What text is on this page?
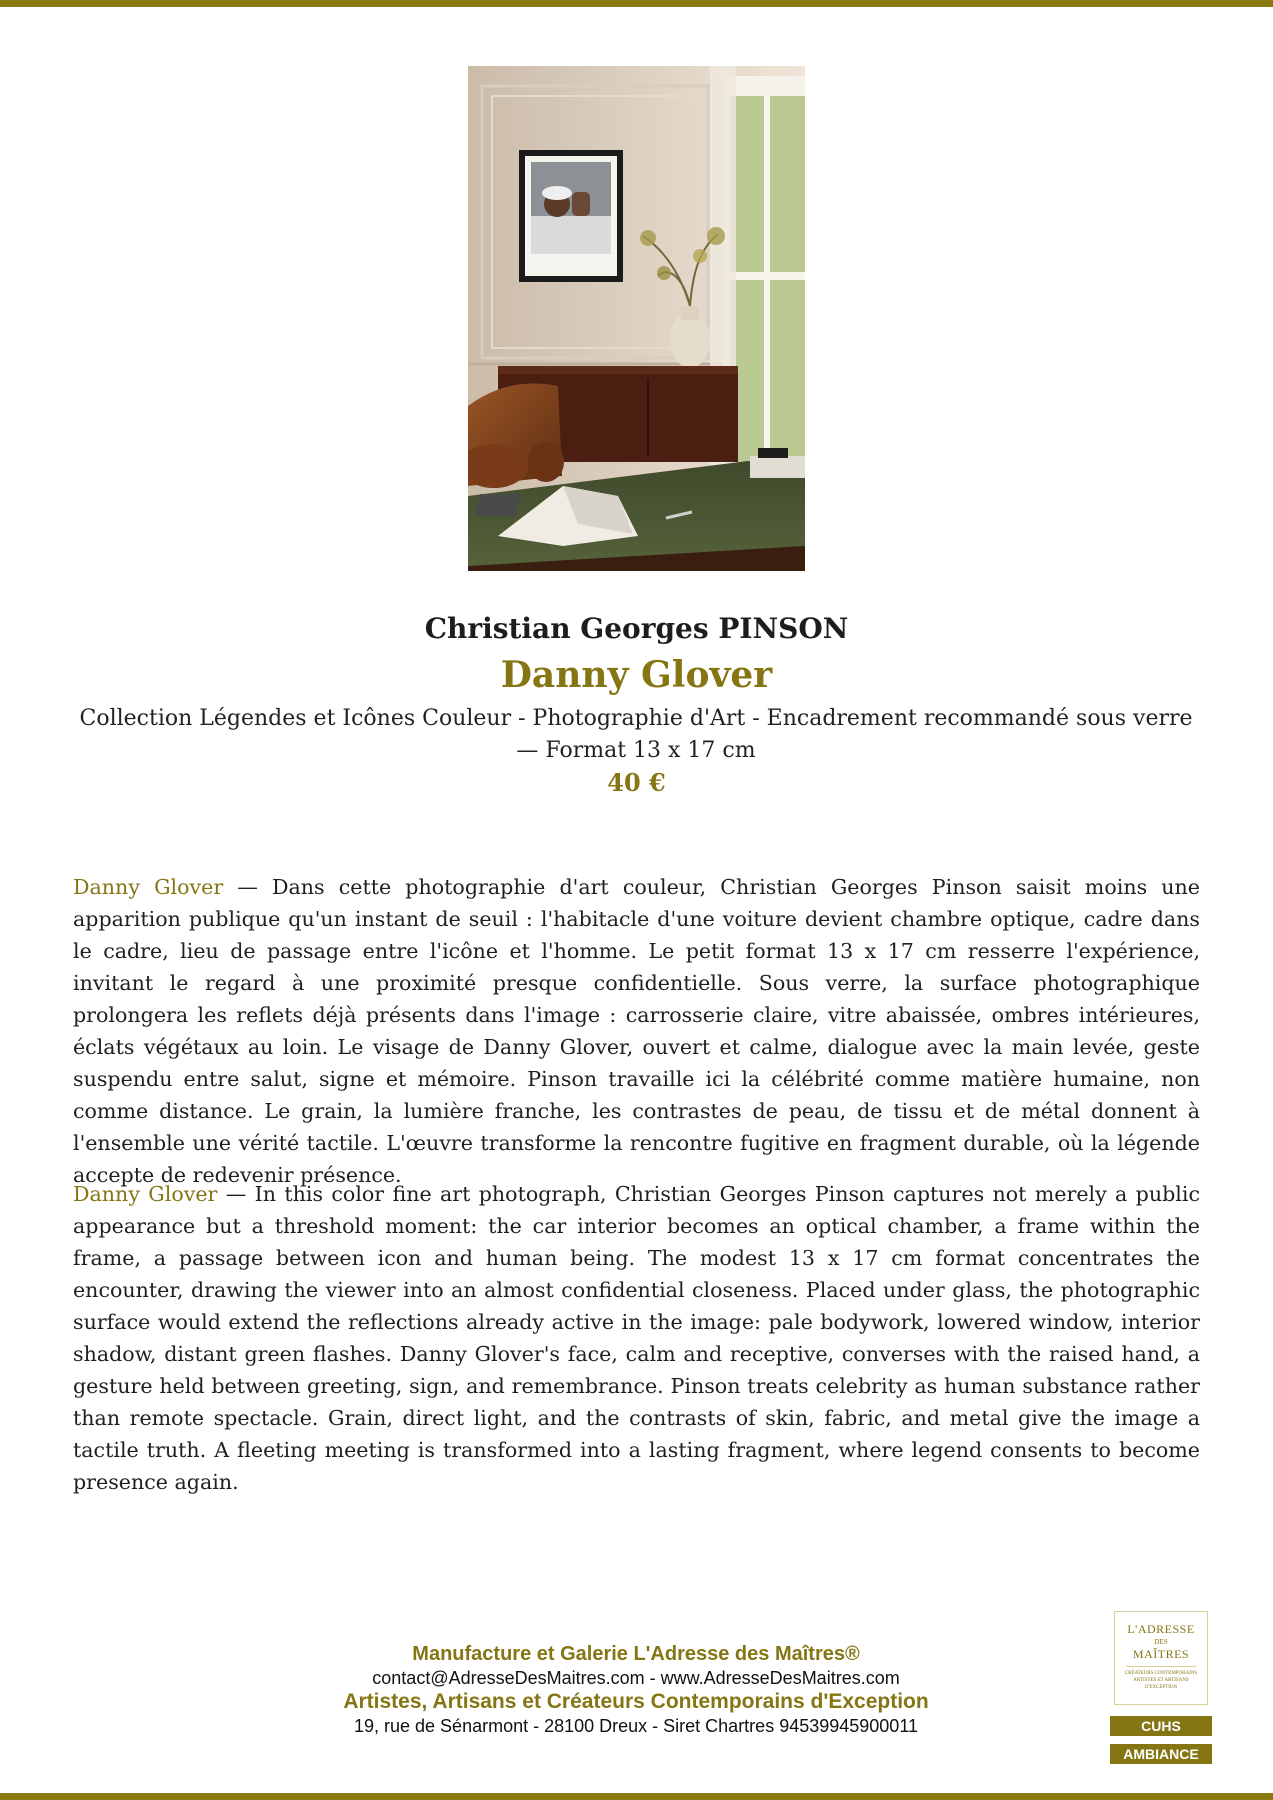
Christian Georges PINSON
Danny Glover
Collection Légendes et Icônes Couleur - Photographie d'Art - Encadrement recommandé sous verre — Format 13 x 17 cm
40 €

Danny Glover — Dans cette photographie d'art couleur, Christian Georges Pinson saisit moins une apparition publique qu'un instant de seuil : l'habitacle d'une voiture devient chambre optique, cadre dans le cadre, lieu de passage entre l'icône et l'homme. Le petit format 13 x 17 cm resserre l'expérience, invitant le regard à une proximité presque confidentielle. Sous verre, la surface photographique prolongera les reflets déjà présents dans l'image : carrosserie claire, vitre abaissée, ombres intérieures, éclats végétaux au loin. Le visage de Danny Glover, ouvert et calme, dialogue avec la main levée, geste suspendu entre salut, signe et mémoire. Pinson travaille ici la célébrité comme matière humaine, non comme distance. Le grain, la lumière franche, les contrastes de peau, de tissu et de métal donnent à l'ensemble une vérité tactile. L'œuvre transforme la rencontre fugitive en fragment durable, où la légende accepte de redevenir présence.

Danny Glover — In this color fine art photograph, Christian Georges Pinson captures not merely a public appearance but a threshold moment: the car interior becomes an optical chamber, a frame within the frame, a passage between icon and human being. The modest 13 x 17 cm format concentrates the encounter, drawing the viewer into an almost confidential closeness. Placed under glass, the photographic surface would extend the reflections already active in the image: pale bodywork, lowered window, interior shadow, distant green flashes. Danny Glover's face, calm and receptive, converses with the raised hand, a gesture held between greeting, sign, and remembrance. Pinson treats celebrity as human substance rather than remote spectacle. Grain, direct light, and the contrasts of skin, fabric, and metal give the image a tactile truth. A fleeting meeting is transformed into a lasting fragment, where legend consents to become presence again.

Manufacture et Galerie L'Adresse des Maîtres®
contact@AdresseDesMaitres.com - www.AdresseDesMaitres.com
Artistes, Artisans et Créateurs Contemporains d'Exception
19, rue de Sénarmont - 28100 Dreux - Siret Chartres 94539945900011
L'ADRESSE
DES
MAÎTRES
CRÉATEURS CONTEMPORAINS ARTISTES ET ARTISANS D'EXCEPTION
CUHS
AMBIANCE
